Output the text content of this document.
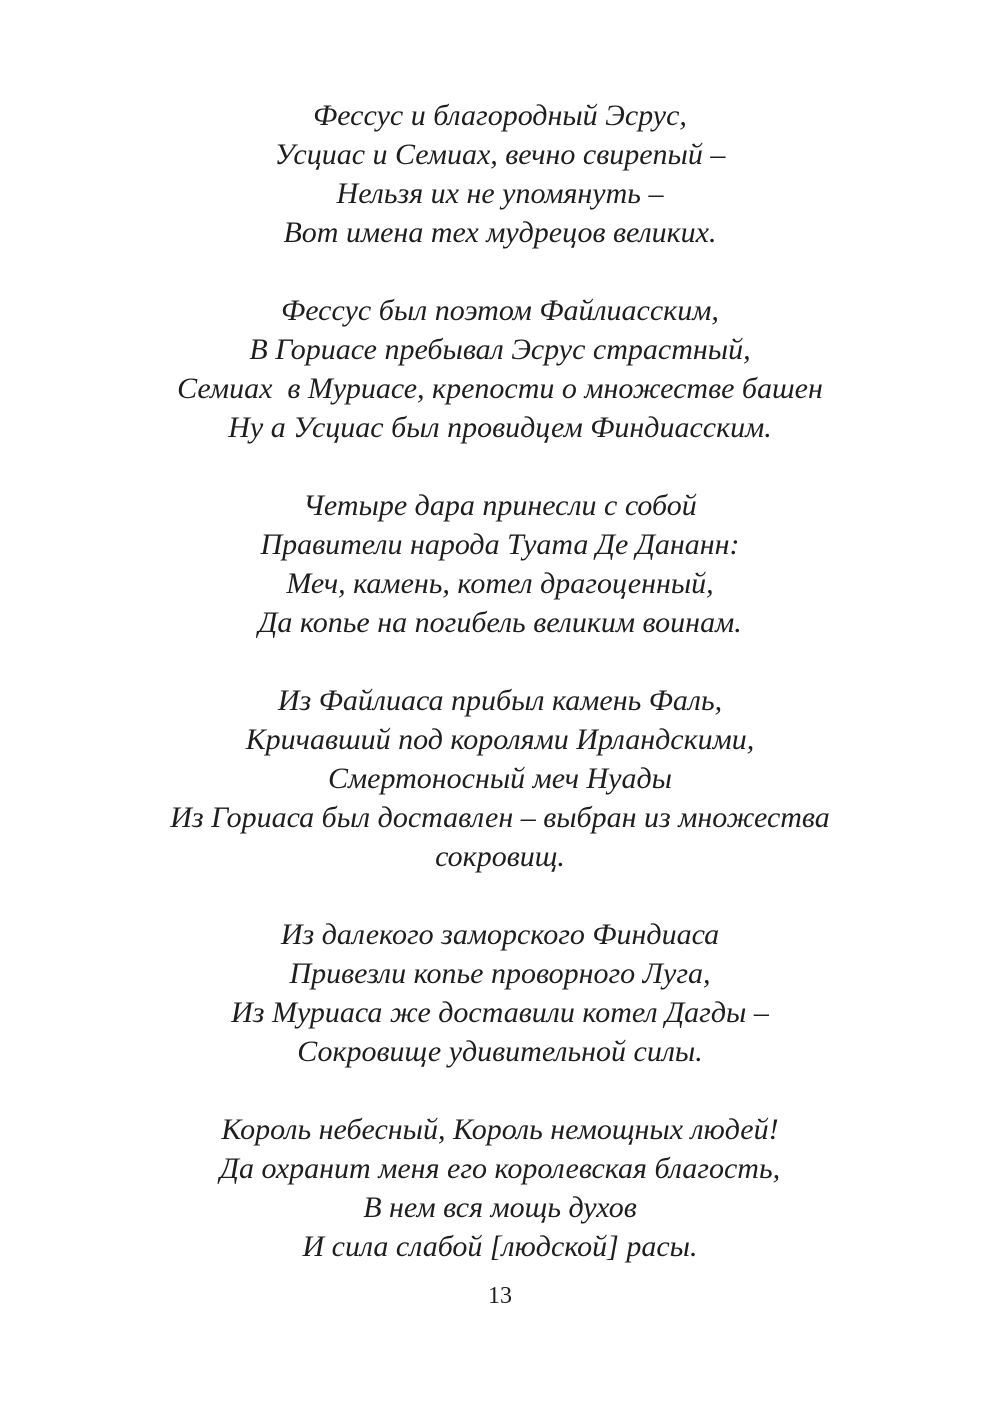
Фессус и благородный Эсрус,
Усциас и Семиах, вечно свирепый –
Нельзя их не упомянуть –
Вот имена тех мудрецов великих.
Фессус был поэтом Файлиасским,
В Гориасе пребывал Эсрус страстный,
Семиах  в Муриасе, крепости о множестве башен
Ну а Усциас был провидцем Финдиасским.
Четыре дара принесли с собой
Правители народа Туата Де Дананн:
Меч, камень, котел драгоценный,
Да копье на погибель великим воинам.
Из Файлиаса прибыл камень Фаль,
Кричавший под королями Ирландскими,
Смертоносный меч Нуады
Из Гориаса был доставлен – выбран из множества
сокровищ.
Из далекого заморского Финдиаса
Привезли копье проворного Луга,
Из Муриаса же доставили котел Дагды –
Сокровище удивительной силы.
Король небесный, Король немощных людей!
Да охранит меня его королевская благость,
В нем вся мощь духов
И сила слабой [людской] расы.
13
